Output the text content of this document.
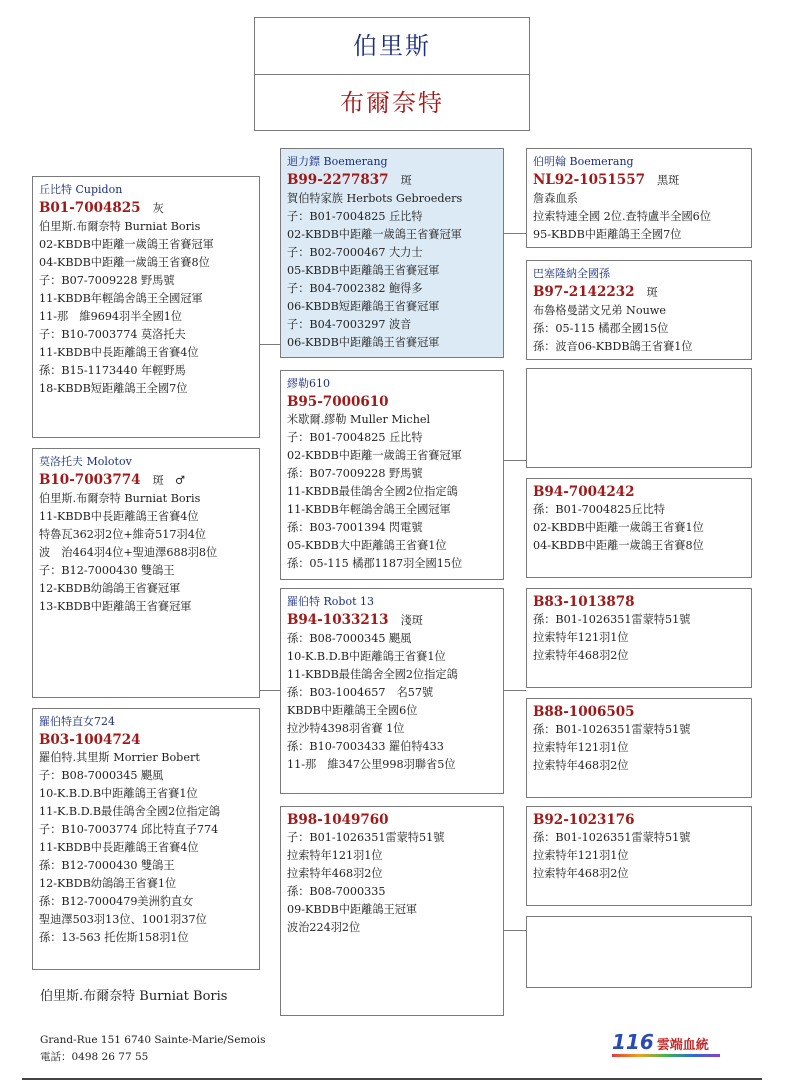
伯里斯
布爾奈特
丘比特 Cupidon
B01-7004825 灰
伯里斯.布爾奈特 Burniat Boris
02-KBDB中距離一歲鴿王省賽冠軍
04-KBDB中距離一歲鴿王省賽8位
子：B07-7009228 野馬號
11-KBDB年輕鴿舍鴿王全國冠軍
11-那　維9694羽半全國1位
子：B10-7003774 莫洛托夫
11-KBDB中長距離鴿王省賽4位
孫：B15-1173440 年輕野馬
18-KBDB短距離鴿王全國7位
莫洛托夫 Molotov
B10-7003774 斑　♂
伯里斯.布爾奈特 Burniat Boris
11-KBDB中長距離鴿王省賽4位
特魯瓦362羽2位+維奇517羽4位
波　治464羽4位+聖迪澤688羽8位
子：B12-7000430 雙鴿王
12-KBDB幼鴿鴿王省賽冠軍
13-KBDB中距離鴿王省賽冠軍
羅伯特直女724
B03-1004724
羅伯特.其里斯 Morrier Bobert
子：B08-7000345 颶風
10-K.B.D.B中距離鴿王省賽1位
11-K.B.D.B最佳鴿舍全國2位指定鴿
子：B10-7003774 邱比特直子774
11-KBDB中長距離鴿王省賽4位
孫：B12-7000430 雙鴿王
12-KBDB幼鴿鴿王省賽1位
孫：B12-7000479美洲豹直女
聖迪澤503羽13位、1001羽37位
孫：13-563 托佐斯158羽1位
迴力鏢 Boemerang
B99-2277837 斑
賀伯特家族 Herbots Gebroeders
子：B01-7004825 丘比特
02-KBDB中距離一歲鴿王省賽冠軍
子：B02-7000467 大力士
05-KBDB中距離鴿王省賽冠軍
子：B04-7002382 鮑得多
06-KBDB短距離鴿王省賽冠軍
子：B04-7003297 波音
06-KBDB中距離鴿王省賽冠軍
繆勒610
B95-7000610
米歇爾.繆勒 Muller Michel
子：B01-7004825 丘比特
02-KBDB中距離一歲鴿王省賽冠軍
孫：B07-7009228 野馬號
11-KBDB最佳鴿舍全國2位指定鴿
11-KBDB年輕鴿舍鴿王全國冠軍
孫：B03-7001394 閃電號
05-KBDB大中距離鴿王省賽1位
孫：05-115 橘郡1187羽全國15位
羅伯特 Robot 13
B94-1033213 淺斑
孫：B08-7000345 颶風
10-K.B.D.B中距離鴿王省賽1位
11-KBDB最佳鴿舍全國2位指定鴿
孫：B03-1004657　名57號
KBDB中距離鴿王全國6位
拉沙特4398羽省賽 1位
孫：B10-7003433 羅伯特433
11-那　維347公里998羽聯省5位
B98-1049760
子：B01-1026351雷蒙特51號
拉索特年121羽1位
拉索特年468羽2位
孫：B08-7000335
09-KBDB中距離鴿王冠軍
波治224羽2位
伯明翰 Boemerang
NL92-1051557 黑斑
詹森血系
拉索特連全國 2位.查特盧半全國6位
95-KBDB中距離鴿王全國7位
巴塞隆納全國孫
B97-2142232 斑
布魯格曼諾文兄弟 Nouwe
孫：05-115 橘郡全國15位
孫：波音06-KBDB鴿王省賽1位
B94-7004242
孫：B01-7004825丘比特
02-KBDB中距離一歲鴿王省賽1位
04-KBDB中距離一歲鴿王省賽8位
B83-1013878
孫：B01-1026351雷蒙特51號
拉索特年121羽1位
拉索特年468羽2位
B88-1006505
孫：B01-1026351雷蒙特51號
拉索特年121羽1位
拉索特年468羽2位
B92-1023176
孫：B01-1026351雷蒙特51號
拉索特年121羽1位
拉索特年468羽2位
伯里斯.布爾奈特 Burniat Boris
Grand-Rue 151 6740 Sainte-Marie/Semois
電話：0498 26 77 55
116 雲端血統
